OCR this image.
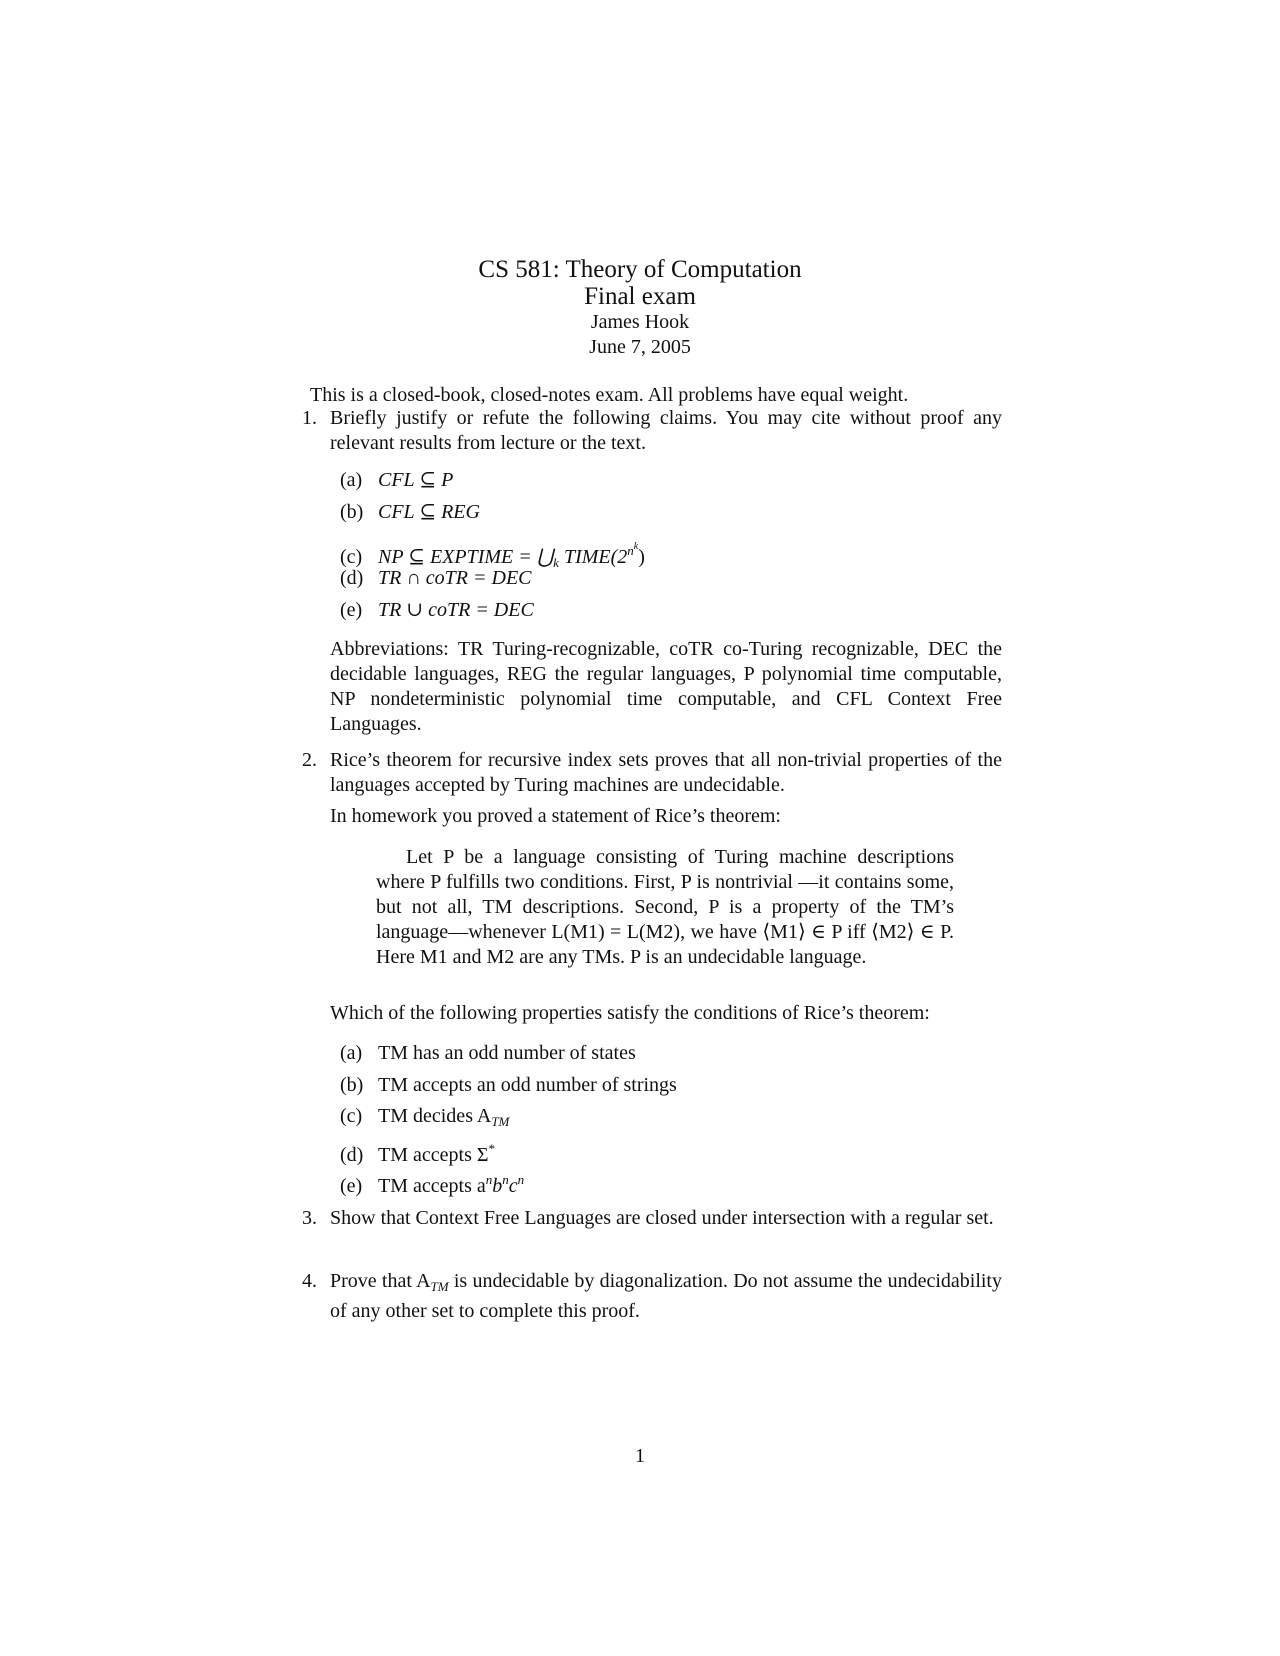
CS 581: Theory of Computation
Final exam
James Hook
June 7, 2005
This is a closed-book, closed-notes exam. All problems have equal weight.
1. Briefly justify or refute the following claims. You may cite without proof any relevant results from lecture or the text.
(a) CFL ⊆ P
(b) CFL ⊆ REG
(c) NP ⊆ EXPTIME = $⋃_k$ $TIME(2^{nk})$
(d) TR ∩ coTR = DEC
(e) TR ∪ coTR = DEC
Abbreviations: TR Turing-recognizable, coTR co-Turing recognizable, DEC the decidable languages, REG the regular languages, P polynomial time computable, NP nondeterministic polynomial time computable, and CFL Context Free Languages.
2. Rice’s theorem for recursive index sets proves that all non-trivial properties of the languages accepted by Turing machines are undecidable.
In homework you proved a statement of Rice’s theorem:
Let P be a language consisting of Turing machine descriptions where P fulfills two conditions. First, P is nontrivial —it contains some, but not all, TM descriptions. Second, P is a property of the TM’s language—whenever L(M1) = L(M2), we have ⟨M1⟩ ∈ P iff ⟨M2⟩ ∈ P. Here M1 and M2 are any TMs. P is an undecidable language.
Which of the following properties satisfy the conditions of Rice’s theorem:
(a) TM has an odd number of states
(b) TM accepts an odd number of strings
(c) TM decides $A_{TM}$
(d) TM accepts Σ*
(e) TM accepts $a^nb^nc^n$
3. Show that Context Free Languages are closed under intersection with a regular set.
4. Prove that $A_{TM}$ is undecidable by diagonalization. Do not assume the undecidability of any other set to complete this proof.
1
